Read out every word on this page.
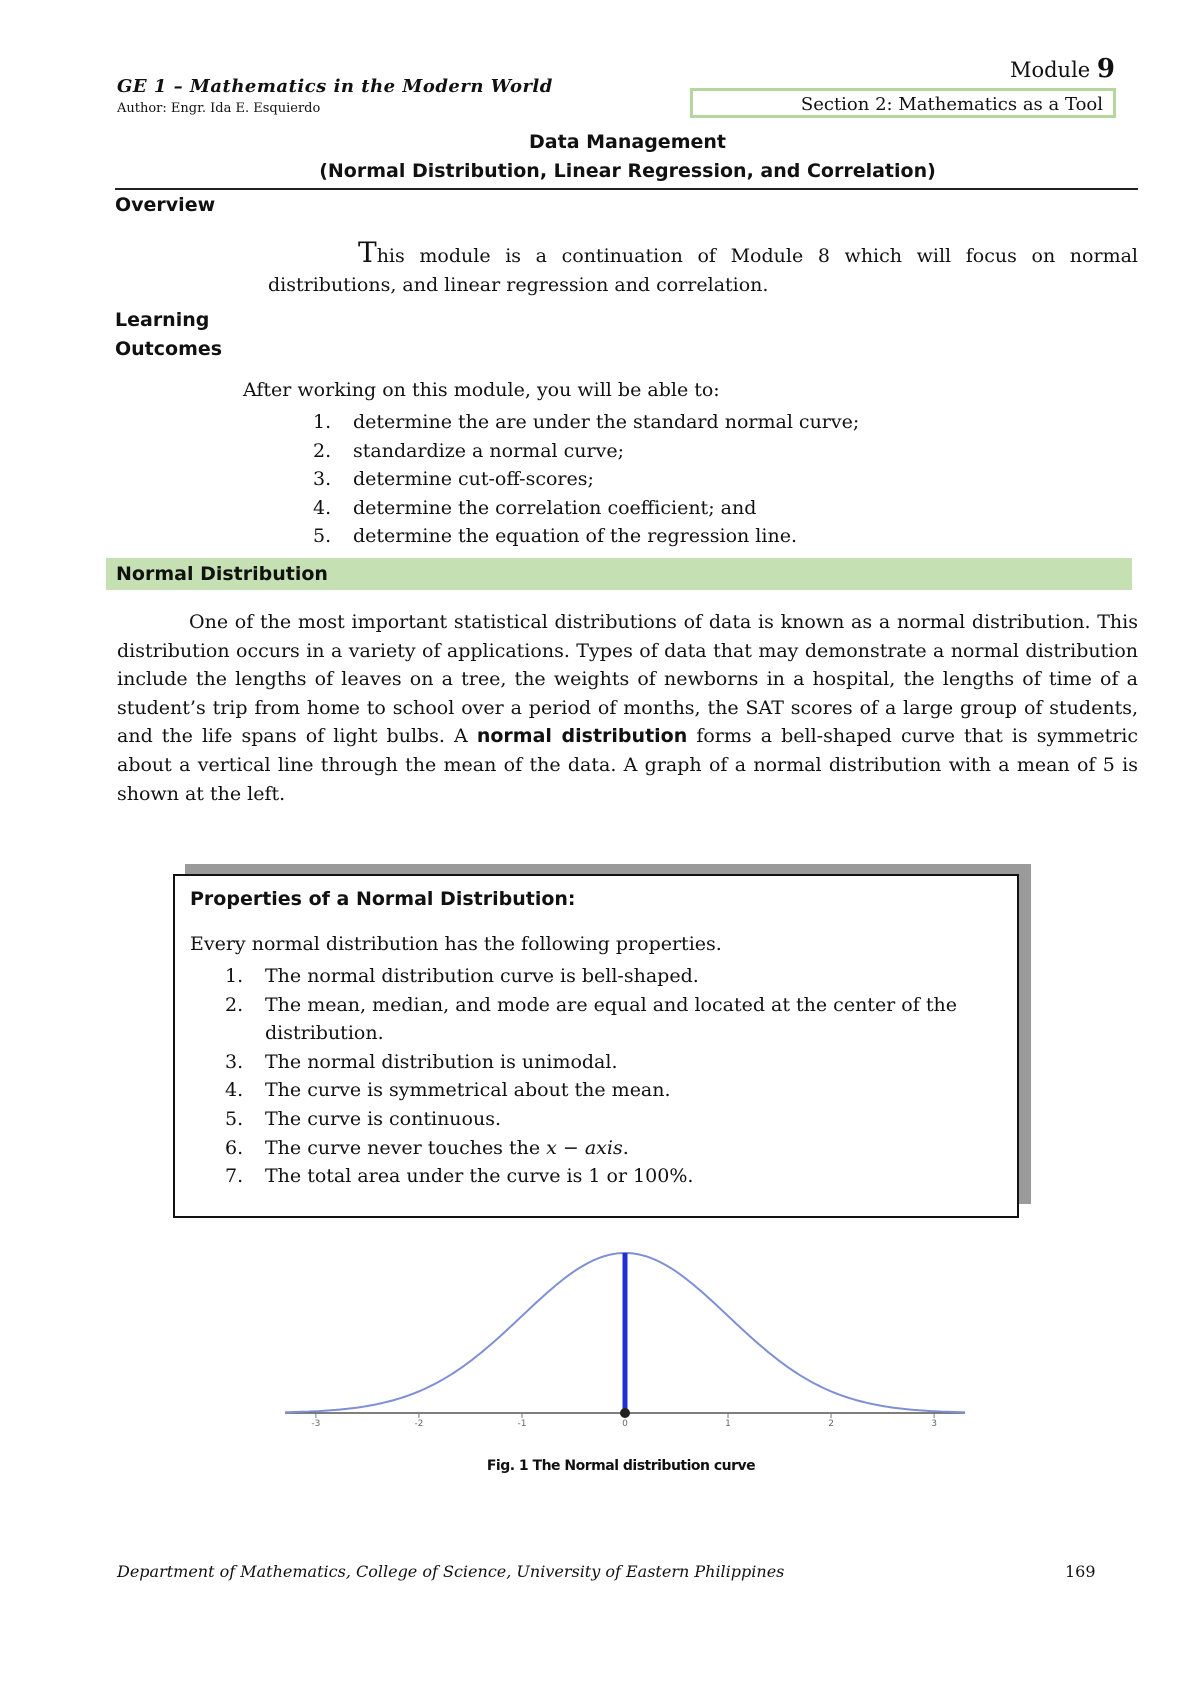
GE 1 – Mathematics in the Modern World
Author: Engr. Ida E. Esquierdo
Module 9
Section 2: Mathematics as a Tool
Data Management
(Normal Distribution, Linear Regression, and Correlation)
Overview
This module is a continuation of Module 8 which will focus on normal distributions, and linear regression and correlation.
Learning
Outcomes
After working on this module, you will be able to:
1. determine the are under the standard normal curve;
2. standardize a normal curve;
3. determine cut-off-scores;
4. determine the correlation coefficient; and
5. determine the equation of the regression line.
Normal Distribution
One of the most important statistical distributions of data is known as a normal distribution. This distribution occurs in a variety of applications. Types of data that may demonstrate a normal distribution include the lengths of leaves on a tree, the weights of newborns in a hospital, the lengths of time of a student’s trip from home to school over a period of months, the SAT scores of a large group of students, and the life spans of light bulbs. A normal distribution forms a bell-shaped curve that is symmetric about a vertical line through the mean of the data. A graph of a normal distribution with a mean of 5 is shown at the left.
Properties of a Normal Distribution:
Every normal distribution has the following properties.
1. The normal distribution curve is bell-shaped.
2. The mean, median, and mode are equal and located at the center of the distribution.
3. The normal distribution is unimodal.
4. The curve is symmetrical about the mean.
5. The curve is continuous.
6. The curve never touches the x − axis.
7. The total area under the curve is 1 or 100%.
-3	-2	-1	0	1	2	3
Fig. 1 The Normal distribution curve
Department of Mathematics, College of Science, University of Eastern Philippines	169
